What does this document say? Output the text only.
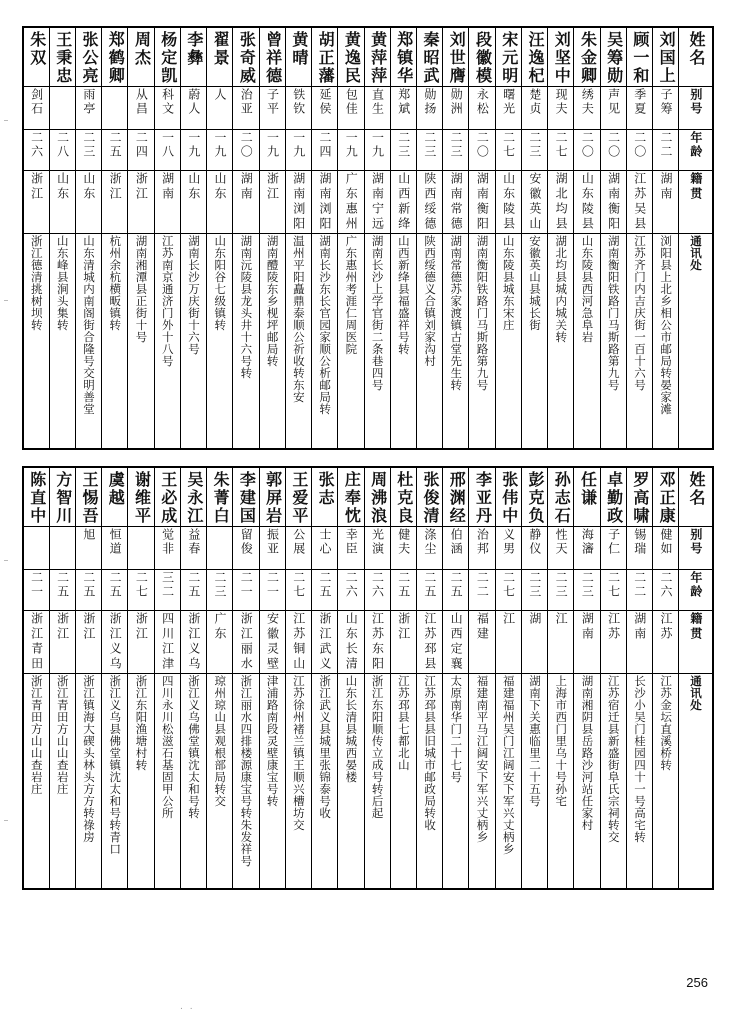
朱双	王秉忠	张公亮	郑鹤卿	周杰	杨定凯	李彝	翟景	张奇威	曾祥德	黄晴	胡正藩	黄逸民	黄萍萍	郑镇华	秦昭武	刘世膺	段徽模	宋元明	汪逸杞	刘坚中	朱金卿	吴筹勋	顾一和	刘国上	姓名

剑石		雨亭		从昌	科文	蔚人	人	治亚	子平	铁钦	延侯	包佳	直生	郑斌	勋扬	勋洲	永松	曙光	楚贞	现夫	绣夫	声见	季夏	子筹	别号

二六	二八	二三	二五	二四	一八	一九	一九	二〇	一九	一九	二四	一九	一九	二三	二三	二三	二〇	二七	二三	二七	二〇	二〇	二〇	二二	年龄

浙江	山东	山东	浙江	浙江	湖南	山东	山东	湖南	浙江	湖南浏阳	湖南浏阳	广东惠州	湖南宁远	山西新绛	陕西绥德	湖南常德	湖南衡阳	山东陵县	安徽英山	湖北均县	山东陵县	湖南衡阳	江苏吴县	湖南	籍贯

浙江德清挑树坝转	山东峰县涧头集转	山东清城内南阁街合隆号交明善堂	杭州余杭横畈镇转	湖南湘潭县正街十号	江苏南京通济门外十八号	湖南长沙万庆街十六号	山东阳谷七级镇转	湖南沅陵县龙头井十六号转	湖南醴陵东乡枧坪邮局转	温州平阳矗鼎泰顺公祈收转东安	湖南长沙东长官园家顺公析邮局转	广东惠州考涯仁周医院	湖南长沙上学官街二条巷四号	山西新绛县福盛祥号转	陕西绥德义合镇刘家沟村	湖南常德苏家渡镇古堂先生转	湖南衡阳铁路门马斯路第九号	山东陵县城东宋庄	安徽英山县城长街	湖北均县城内城关转	山东陵县西河急阜岩	湖南衡阳铁路门马斯路第九号	江苏齐门内吉庆街一百十六号	浏阳县上北乡相公市邮局转晏家滩	通讯处
陈直中	方智川	王惕吾	虞越	谢维平	王必成	吴永江	朱菁白	李建国	郭屏岩	王爱平	张志	庄奉忱	周沸浪	杜克良	张俊清	邢渊经	李亚丹	张伟中	彭克负	孙志石	任谦	卓勤政	罗高啸	邓正康	姓名

		旭	恒道		觉非	益春		留俊	振亚	公展	士心	幸臣	光演	健夫	涤尘	伯涵	治邦	义男	静仪	性天	海瀋	子仁	锡瑞	健如	别号

二一	二五	二五	二五	二七	三二	二五	二三	二一	二一	二七	二五	二六	二六	二五	二五	二五	二二	二七	二三	二三	二三	二七	二二	二六	年龄

浙江青田	浙江	浙江	浙江义乌	浙江	四川江津	浙江义乌	广东	浙江丽水	安徽灵壁	江苏铜山	浙江武义	山东长清	江苏东阳	浙江	江苏邳县	山西定襄	福建	江	湖	江	湖南	江苏	湖南	江苏	籍贯

浙江青田方山山查岩庄	浙江青田方山山查岩庄	浙江镇海大碶头林头方方转祿房	浙江义乌县佛堂镇沈太和号转青口	浙江东阳渔塘村转	四川永川松滋石基固甲公所	浙江义乌佛堂镇沈太和号转	琼州琼山县观根部局转交	浙江丽水四排楼源康宝号转朱发祥号	津浦路南段灵壁康宝号转	江苏徐州褚兰镇王顺兴槽坊交	浙江武义县城里张锦泰号收	山东长清县城西晏楼	浙江东阳顺传立成号转后起	江苏邳县七都北山	江苏邳县县旧城市邮政局转收	太原南华门二十七号	福建南平马江阔安下军兴丈柄乡	福建福州吴门江阔安下军兴丈柄乡	湖南下关惠临里二十五号	上海市西门里乌十号孙宅	湖南湘阴县岳路沙河站任家村	江苏宿迁县新盛街阜氏宗祠转交	长沙小吴门桂园四十一号高宅转	江苏金坛直溪桥转	通讯处
. .
256
